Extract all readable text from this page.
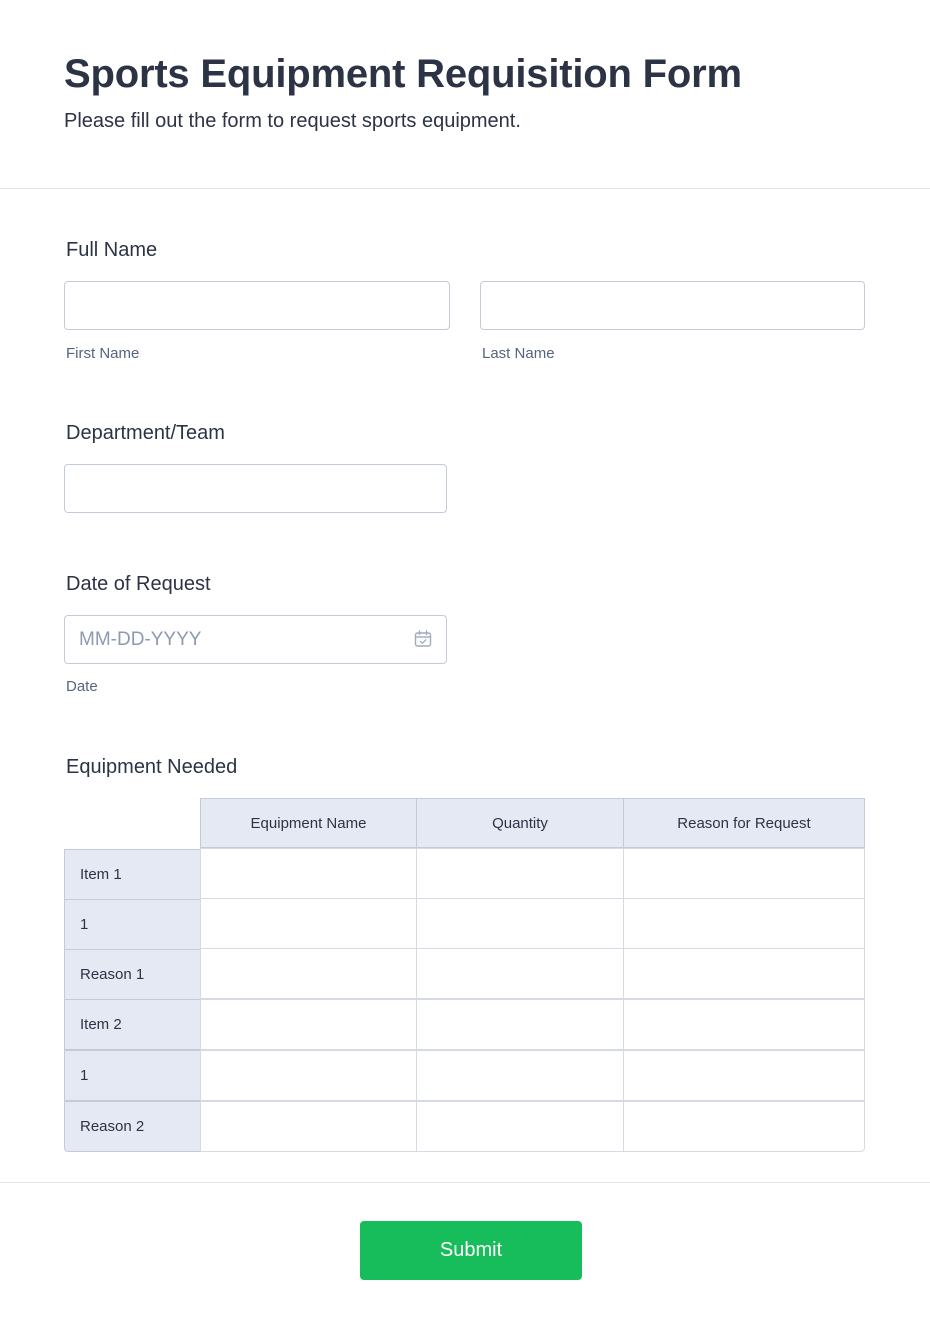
Sports Equipment Requisition Form
Please fill out the form to request sports equipment.
Full Name
First Name	Last Name
Department/Team
Date of Request
MM-DD-YYYY
Date
Equipment Needed
Equipment Name	Quantity	Reason for Request
Item 1
1
Reason 1
Item 2
1
Reason 2
Submit
